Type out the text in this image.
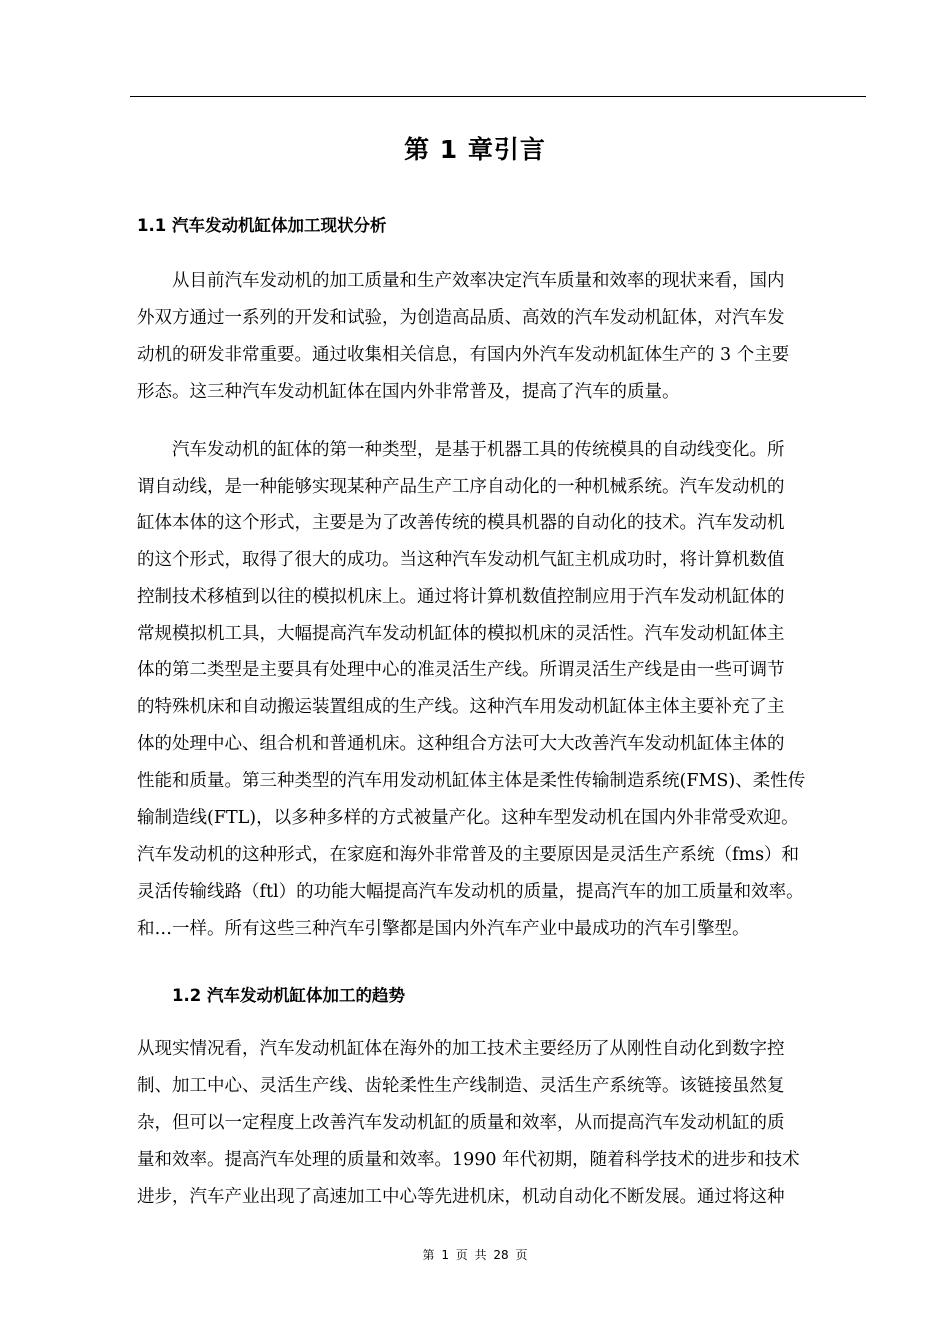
第 1 章引言
1.1 汽车发动机缸体加工现状分析
从目前汽车发动机的加工质量和生产效率决定汽车质量和效率的现状来看，国内
外双方通过一系列的开发和试验，为创造高品质、高效的汽车发动机缸体，对汽车发
动机的研发非常重要。通过收集相关信息，有国内外汽车发动机缸体生产的 3 个主要
形态。这三种汽车发动机缸体在国内外非常普及，提高了汽车的质量。
汽车发动机的缸体的第一种类型，是基于机器工具的传统模具的自动线变化。所
谓自动线，是一种能够实现某种产品生产工序自动化的一种机械系统。汽车发动机的
缸体本体的这个形式，主要是为了改善传统的模具机器的自动化的技术。汽车发动机
的这个形式，取得了很大的成功。当这种汽车发动机气缸主机成功时，将计算机数值
控制技术移植到以往的模拟机床上。通过将计算机数值控制应用于汽车发动机缸体的
常规模拟机工具，大幅提高汽车发动机缸体的模拟机床的灵活性。汽车发动机缸体主
体的第二类型是主要具有处理中心的准灵活生产线。所谓灵活生产线是由一些可调节
的特殊机床和自动搬运装置组成的生产线。这种汽车用发动机缸体主体主要补充了主
体的处理中心、组合机和普通机床。这种组合方法可大大改善汽车发动机缸体主体的
性能和质量。第三种类型的汽车用发动机缸体主体是柔性传输制造系统(FMS)、柔性传
输制造线(FTL)，以多种多样的方式被量产化。这种车型发动机在国内外非常受欢迎。
汽车发动机的这种形式，在家庭和海外非常普及的主要原因是灵活生产系统（fms）和
灵活传输线路（ftl）的功能大幅提高汽车发动机的质量，提高汽车的加工质量和效率。
和…一样。所有这些三种汽车引擎都是国内外汽车产业中最成功的汽车引擎型。
1.2 汽车发动机缸体加工的趋势
从现实情况看，汽车发动机缸体在海外的加工技术主要经历了从刚性自动化到数字控
制、加工中心、灵活生产线、齿轮柔性生产线制造、灵活生产系统等。该链接虽然复
杂，但可以一定程度上改善汽车发动机缸的质量和效率，从而提高汽车发动机缸的质
量和效率。提高汽车处理的质量和效率。1990 年代初期，随着科学技术的进步和技术
进步，汽车产业出现了高速加工中心等先进机床，机动自动化不断发展。通过将这种
第 1 页 共 28 页
